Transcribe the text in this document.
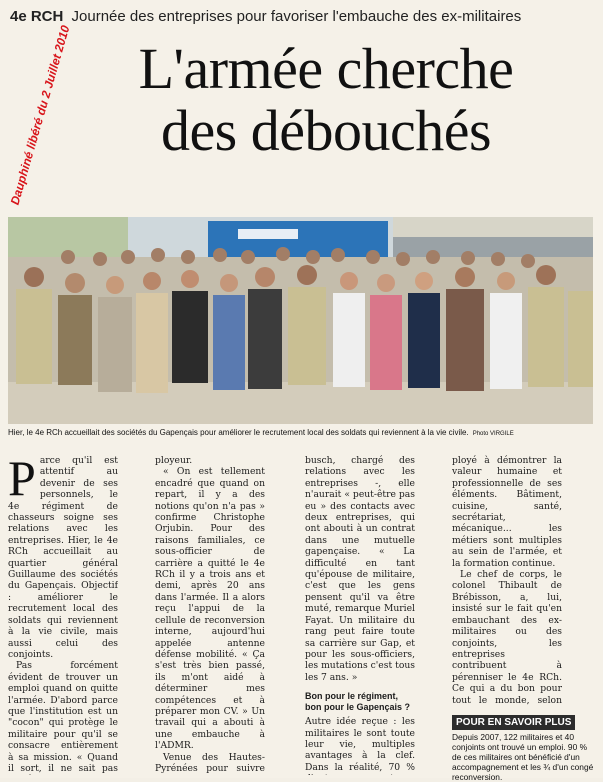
4e RCH Journée des entreprises pour favoriser l'embauche des ex-militaires
Dauphiné libéré du 2 Juillet 2010	L'armée cherche
des débouchés
Hier, le 4e RCh accueillait des sociétés du Gapençais pour améliorer le recrutement local des soldats qui reviennent à la vie civile. Photo VIRGILE
P arce qu'il est attentif au devenir de ses personnels, le 4e régiment de chasseurs soigne ses relations avec les entreprises. Hier, le 4e RCh accueillait au quartier général Guillaume des sociétés du Gapençais. Objectif : améliorer le recrutement local des soldats qui reviennent à la vie civile, mais aussi celui des conjoints.

Pas forcément évident de trouver un emploi quand on quitte l'armée. D'abord parce que l'institution est un "cocon" qui protège le militaire pour qu'il se consacre entièrement à sa mission. « Quand il sort, il ne sait pas

ployeur.

« On est tellement encadré que quand on repart, il y a des notions qu'on n'a pas » confirme Christophe Orjubin. Pour des raisons familiales, ce sous-officier de carrière a quitté le 4e RCh il y a trois ans et demi, après 20 ans dans l'armée. Il a alors reçu l'appui de la cellule de reconversion interne, aujourd'hui appelée antenne défense mobilité. « Ça s'est très bien passé, ils m'ont aidé à déterminer mes compétences et à préparer mon CV. » Un travail qui a abouti à une embauche à l'ADMR.

Venue des Hautes-Pyrénées pour suivre

busch, chargé des relations avec les entreprises -, elle n'aurait « peut-être pas eu » des contacts avec deux entreprises, qui ont abouti à un contrat dans une mutuelle gapençaise. « La difficulté en tant qu'épouse de militaire, c'est que les gens pensent qu'il va être muté, remarque Muriel Fayat. Un militaire du rang peut faire toute sa carrière sur Gap, et pour les sous-officiers, les mutations c'est tous les 7 ans. »

Bon pour le régiment, bon pour le Gapençais ?

Autre idée reçue : les militaires le sont toute leur vie, multiples avantages à la clef. Dans la réalité, 70 %

ployé à démontrer la valeur humaine et professionnelle de ses éléments. Bâtiment, cuisine, santé, secrétariat, mécanique... les métiers sont multiples au sein de l'armée, et la formation continue.

Le chef de corps, le colonel Thibault de Brébisson, a, lui, insisté sur le fait qu'en embauchant des ex-militaires ou des conjoints, les entreprises contribuent à pérenniser le 4e RCh. Ce qui a du bon pour tout le monde, selon

POUR EN SAVOIR PLUS
Depuis 2007, 122 militaires et 40 conjoints ont trouvé un emploi. 90 % de ces militaires ont bénéficié d'un accompagnement et les ¾ d'un congé reconversion.
